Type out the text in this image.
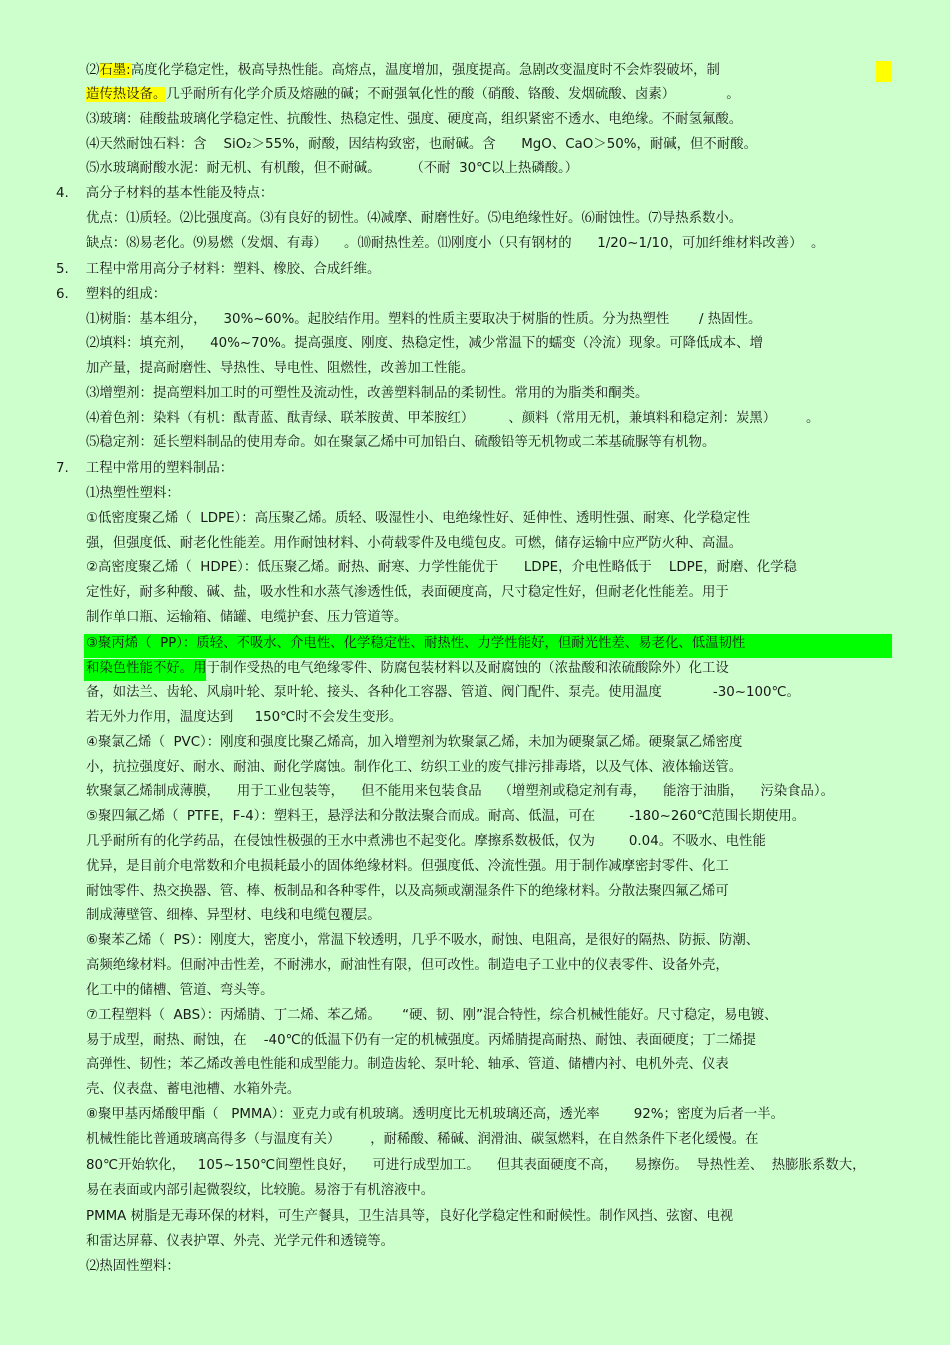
⑵石墨:高度化学稳定性，极高导热性能。高熔点，温度增加，强度提高。急剧改变温度时不会炸裂破坏，制
造传热设备。几乎耐所有化学介质及熔融的碱；不耐强氧化性的酸（硝酸、铬酸、发烟硫酸、卤素）            。
⑶玻璃：硅酸盐玻璃化学稳定性、抗酸性、热稳定性、强度、硬度高，组织紧密不透水、电绝缘。不耐氢氟酸。
⑷天然耐蚀石料：含    SiO₂＞55%，耐酸，因结构致密，也耐碱。含      MgO、CaO＞50%，耐碱，但不耐酸。
⑸水玻璃耐酸水泥：耐无机、有机酸，但不耐碱。       （不耐  30℃以上热磷酸。）
4.    高分子材料的基本性能及特点：
优点：⑴质轻。⑵比强度高。⑶有良好的韧性。⑷减摩、耐磨性好。⑸电绝缘性好。⑹耐蚀性。⑺导热系数小。
缺点：⑻易老化。⑼易燃（发烟、有毒）    。⑽耐热性差。⑾刚度小（只有钢材的      1/20~1/10，可加纤维材料改善）  。
5.    工程中常用高分子材料：塑料、橡胶、合成纤维。
6.    塑料的组成：
⑴树脂：基本组分，    30%~60%。起胶结作用。塑料的性质主要取决于树脂的性质。分为热塑性       / 热固性。
⑵填料：填充剂，    40%~70%。提高强度、刚度、热稳定性，减少常温下的蠕变（冷流）现象。可降低成本、增
加产量，提高耐磨性、导热性、导电性、阻燃性，改善加工性能。
⑶增塑剂：提高塑料加工时的可塑性及流动性，改善塑料制品的柔韧性。常用的为脂类和酮类。
⑷着色剂：染料（有机：酞青蓝、酞青绿、联苯胺黄、甲苯胺红）        、颜料（常用无机，兼填料和稳定剂：炭黑）       。
⑸稳定剂：延长塑料制品的使用寿命。如在聚氯乙烯中可加铅白、硫酸铅等无机物或二苯基硫脲等有机物。
7.    工程中常用的塑料制品：
⑴热塑性塑料：
①低密度聚乙烯（  LDPE）：高压聚乙烯。质轻、吸湿性小、电绝缘性好、延伸性、透明性强、耐寒、化学稳定性
强，但强度低、耐老化性能差。用作耐蚀材料、小荷载零件及电缆包皮。可燃，储存运输中应严防火种、高温。
②高密度聚乙烯（  HDPE）：低压聚乙烯。耐热、耐寒、力学性能优于      LDPE，介电性略低于    LDPE，耐磨、化学稳
定性好，耐多种酸、碱、盐，吸水性和水蒸气渗透性低，表面硬度高，尺寸稳定性好，但耐老化性能差。用于
制作单口瓶、运输箱、储罐、电缆护套、压力管道等。
③聚丙烯（  PP）：质轻、不吸水、介电性、化学稳定性、耐热性、力学性能好，但耐光性差、易老化、低温韧性
和染色性能不好。用于制作受热的电气绝缘零件、防腐包装材料以及耐腐蚀的（浓盐酸和浓硫酸除外）化工设
备，如法兰、齿轮、风扇叶轮、泵叶轮、接头、各种化工容器、管道、阀门配件、泵壳。使用温度            -30~100℃。
若无外力作用，温度达到     150℃时不会发生变形。
④聚氯乙烯（  PVC）：刚度和强度比聚乙烯高，加入增塑剂为软聚氯乙烯，未加为硬聚氯乙烯。硬聚氯乙烯密度
小，抗拉强度好、耐水、耐油、耐化学腐蚀。制作化工、纺织工业的废气排污排毒塔，以及气体、液体输送管。
软聚氯乙烯制成薄膜，    用于工业包装等，    但不能用来包装食品    （增塑剂或稳定剂有毒，    能溶于油脂，    污染食品）。
⑤聚四氟乙烯（  PTFE，F-4）：塑料王，悬浮法和分散法聚合而成。耐高、低温，可在        -180~260℃范围长期使用。
几乎耐所有的化学药品，在侵蚀性极强的王水中煮沸也不起变化。摩擦系数极低，仅为        0.04。不吸水、电性能
优异，是目前介电常数和介电损耗最小的固体绝缘材料。但强度低、冷流性强。用于制作减摩密封零件、化工
耐蚀零件、热交换器、管、棒、板制品和各种零件，以及高频或潮湿条件下的绝缘材料。分散法聚四氟乙烯可
制成薄壁管、细棒、异型材、电线和电缆包覆层。
⑥聚苯乙烯（  PS）：刚度大，密度小，常温下较透明，几乎不吸水，耐蚀、电阻高，是很好的隔热、防振、防潮、
高频绝缘材料。但耐冲击性差，不耐沸水，耐油性有限，但可改性。制造电子工业中的仪表零件、设备外壳，
化工中的储槽、管道、弯头等。
⑦工程塑料（  ABS）：丙烯腈、丁二烯、苯乙烯。     “硬、韧、刚”混合特性，综合机械性能好。尺寸稳定，易电镀、
易于成型，耐热、耐蚀，在    -40℃的低温下仍有一定的机械强度。丙烯腈提高耐热、耐蚀、表面硬度；丁二烯提
高弹性、韧性；苯乙烯改善电性能和成型能力。制造齿轮、泵叶轮、轴承、管道、储槽内衬、电机外壳、仪表
壳、仪表盘、蓄电池槽、水箱外壳。
⑧聚甲基丙烯酸甲酯（   PMMA）：亚克力或有机玻璃。透明度比无机玻璃还高，透光率        92%；密度为后者一半。
机械性能比普通玻璃高得多（与温度有关）       ，耐稀酸、稀碱、润滑油、碳氢燃料，在自然条件下老化缓慢。在
80℃开始软化，   105~150℃间塑性良好，    可进行成型加工。    但其表面硬度不高，    易擦伤。  导热性差、  热膨胀系数大，
易在表面或内部引起微裂纹，比较脆。易溶于有机溶液中。
PMMA 树脂是无毒环保的材料，可生产餐具，卫生洁具等，良好化学稳定性和耐候性。制作风挡、弦窗、电视
和雷达屏幕、仪表护罩、外壳、光学元件和透镜等。
⑵热固性塑料：
